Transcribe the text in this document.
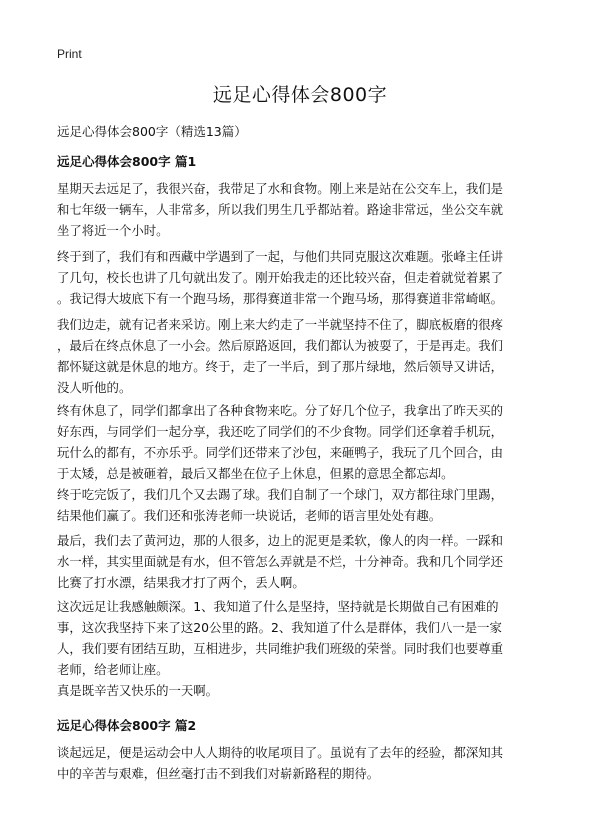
Print
远足心得体会800字

远足心得体会800字（精选13篇）

远足心得体会800字 篇1

星期天去远足了，我很兴奋，我带足了水和食物。刚上来是站在公交车上，我们是
和七年级一辆车，人非常多，所以我们男生几乎都站着。路途非常远，坐公交车就
坐了将近一个小时。

终于到了，我们有和西藏中学遇到了一起，与他们共同克服这次难题。张峰主任讲
了几句，校长也讲了几句就出发了。刚开始我走的还比较兴奋，但走着就觉着累了
。我记得大坡底下有一个跑马场，那得赛道非常一个跑马场，那得赛道非常崎岖。

我们边走，就有记者来采访。刚上来大约走了一半就坚持不住了，脚底板磨的很疼
，最后在终点休息了一小会。然后原路返回，我们都认为被耍了，于是再走。我们
都怀疑这就是休息的地方。终于，走了一半后，到了那片绿地，然后领导又讲话，
没人听他的。

终有休息了，同学们都拿出了各种食物来吃。分了好几个位子，我拿出了昨天买的
好东西，与同学们一起分享，我还吃了同学们的不少食物。同学们还拿着手机玩，
玩什么的都有，不亦乐乎。同学们还带来了沙包，来砸鸭子，我玩了几个回合，由
于太矮，总是被砸着，最后又都坐在位子上休息，但累的意思全都忘却。

终于吃完饭了，我们几个又去踢了球。我们自制了一个球门，双方都往球门里踢，
结果他们赢了。我们还和张涛老师一块说话，老师的语言里处处有趣。

最后，我们去了黄河边，那的人很多，边上的泥更是柔软，像人的肉一样。一踩和
水一样，其实里面就是有水，但不管怎么弄就是不烂，十分神奇。我和几个同学还
比赛了打水漂，结果我才打了两个，丢人啊。

这次远足让我感触颇深。1、我知道了什么是坚持，坚持就是长期做自己有困难的
事，这次我坚持下来了这20公里的路。2、我知道了什么是群体，我们八一是一家
人，我们要有团结互助，互相进步，共同维护我们班级的荣誉。同时我们也要尊重
老师，给老师让座。

真是既辛苦又快乐的一天啊。

远足心得体会800字 篇2

谈起远足，便是运动会中人人期待的收尾项目了。虽说有了去年的经验，都深知其
中的辛苦与艰难，但丝毫打击不到我们对崭新路程的期待。
